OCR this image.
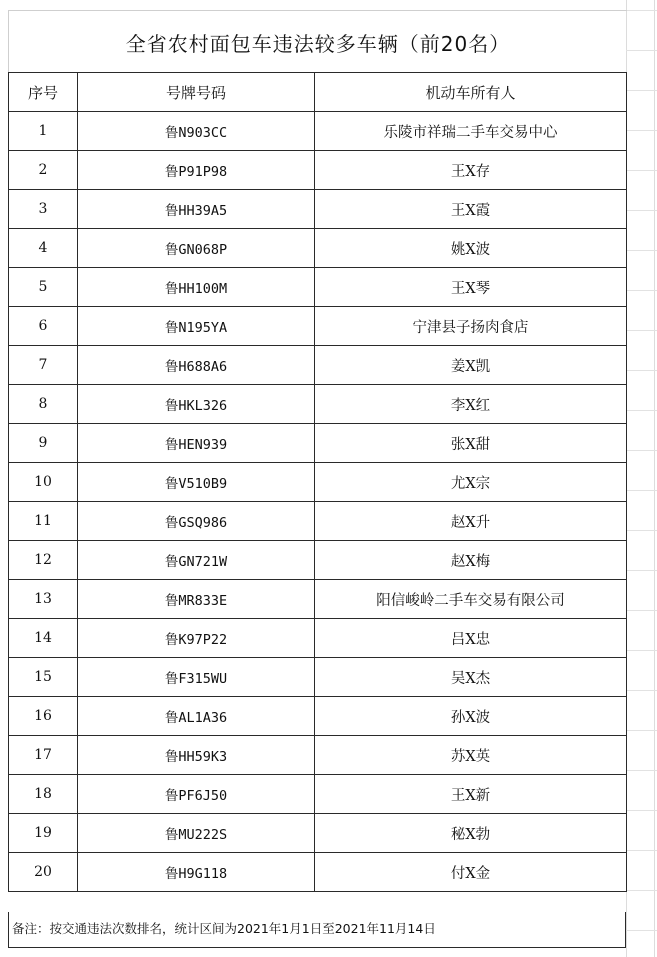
全省农村面包车违法较多车辆（前20名）
序号	号牌号码	机动车所有人
1	鲁N903CC	乐陵市祥瑞二手车交易中心
2	鲁P91P98	王X存
3	鲁HH39A5	王X霞
4	鲁GN068P	姚X波
5	鲁HH100M	王X琴
6	鲁N195YA	宁津县子扬肉食店
7	鲁H688A6	姜X凯
8	鲁HKL326	李X红
9	鲁HEN939	张X甜
10	鲁V510B9	尤X宗
11	鲁GSQ986	赵X升
12	鲁GN721W	赵X梅
13	鲁MR833E	阳信峻岭二手车交易有限公司
14	鲁K97P22	吕X忠
15	鲁F315WU	吴X杰
16	鲁AL1A36	孙X波
17	鲁HH59K3	苏X英
18	鲁PF6J50	王X新
19	鲁MU222S	秘X勃
20	鲁H9G118	付X金
备注：按交通违法次数排名，统计区间为2021年1月1日至2021年11月14日
